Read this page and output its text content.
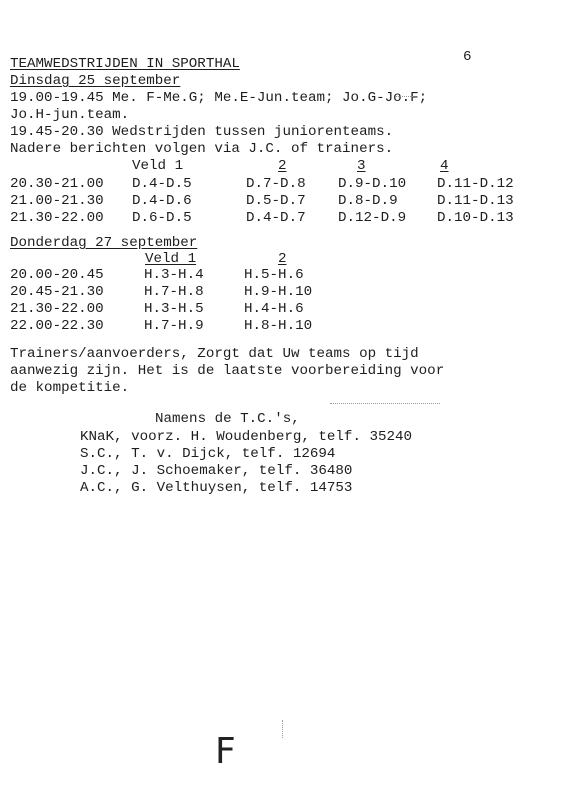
TEAMWEDSTRIJDEN IN SPORTHAL	6
Dinsdag 25 september
19.00-19.45 Me. F-Me.G; Me.E-Jun.team; Jo.G-Jo.F;
Jo.H-jun.team.
19.45-20.30 Wedstrijden tussen juniorenteams.
Nadere berichten volgen via J.C. of trainers.
Veld 1	2	3	4
20.30-21.00 D.4-D.5	D.7-D.8 D.9-D.10 D.11-D.12
21.00-21.30 D.4-D.6	D.5-D.7 D.8-D.9	D.11-D.13
21.30-22.00 D.6-D.5	D.4-D.7 D.12-D.9 D.10-D.13
Donderdag 27 september
Veld 1	2
20.00-20.45	H.3-H.4	H.5-H.6
20.45-21.30	H.7-H.8	H.9-H.10
21.30-22.00	H.3-H.5	H.4-H.6
22.00-22.30	H.7-H.9	H.8-H.10
Trainers/aanvoerders, Zorgt dat Uw teams op tijd
aanwezig zijn. Het is de laatste voorbereiding voor
de kompetitie.
Namens de T.C.'s,
KNaK, voorz. H. Woudenberg, telf. 35240
S.C., T. v. Dijck, telf. 12694
J.C., J. Schoemaker, telf. 36480
A.C., G. Velthuysen, telf. 14753
F
